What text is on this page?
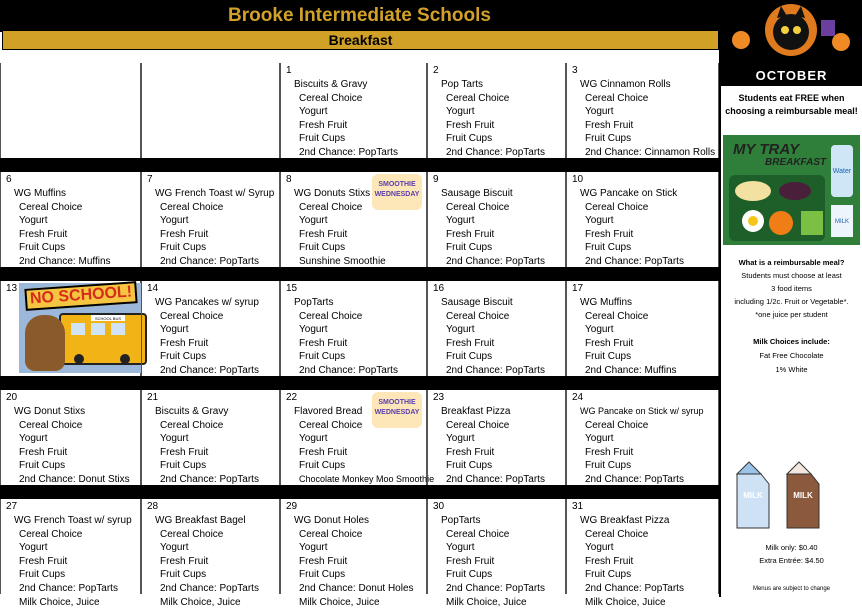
Brooke Intermediate Schools
Breakfast
1
Biscuits & Gravy
Cereal Choice
Yogurt
Fresh Fruit
Fruit Cups
2nd Chance: PopTarts
Milk Choice, Juice
2
Pop Tarts
Cereal Choice
Yogurt
Fresh Fruit
Fruit Cups
2nd Chance: PopTarts
Milk Choice, Juice
3
WG Cinnamon Rolls
Cereal Choice
Yogurt
Fresh Fruit
Fruit Cups
2nd Chance: Cinnamon Rolls
Milk Choice, Juice
6
WG Muffins
Cereal Choice
Yogurt
Fresh Fruit
Fruit Cups
2nd Chance: Muffins
Milk Choice, Juice
7
WG French Toast w/ Syrup
Cereal Choice
Yogurt
Fresh Fruit
Fruit Cups
2nd Chance: PopTarts
Milk Choice, Juice
8
WG Donuts Stixs
Cereal Choice
Yogurt
Fresh Fruit
Fruit Cups
Sunshine Smoothie
Milk Choice, Juice
SMOOTHIE WEDNESDAY
9
Sausage Biscuit
Cereal Choice
Yogurt
Fresh Fruit
Fruit Cups
2nd Chance: PopTarts
Milk Choice, Juice
10
WG Pancake on Stick
Cereal Choice
Yogurt
Fresh Fruit
Fruit Cups
2nd Chance: PopTarts
Milk Choice, Juice
13
SCHOOL BUS
NO SCHOOL!	14
WG Pancakes w/ syrup
Cereal Choice
Yogurt
Fresh Fruit
Fruit Cups
2nd Chance: PopTarts
Milk Choice, Juice
15
PopTarts
Cereal Choice
Yogurt
Fresh Fruit
Fruit Cups
2nd Chance: PopTarts
Milk Choice, Juice
16
Sausage Biscuit
Cereal Choice
Yogurt
Fresh Fruit
Fruit Cups
2nd Chance: PopTarts
Milk Choice, Juice
17
WG Muffins
Cereal Choice
Yogurt
Fresh Fruit
Fruit Cups
2nd Chance: Muffins
Milk Choice, Juice
20
WG Donut Stixs
Cereal Choice
Yogurt
Fresh Fruit
Fruit Cups
2nd Chance: Donut Stixs
Milk Choice, Juice
21
Biscuits & Gravy
Cereal Choice
Yogurt
Fresh Fruit
Fruit Cups
2nd Chance: PopTarts
Milk Choice, Juice
22
Flavored Bread
Cereal Choice
Yogurt
Fresh Fruit
Fruit Cups
Chocolate Monkey Moo Smoothie
Milk Choice, Juice
SMOOTHIE WEDNESDAY
23
Breakfast Pizza
Cereal Choice
Yogurt
Fresh Fruit
Fruit Cups
2nd Chance: PopTarts
Milk Choice, Juice
24
WG Pancake on Stick w/ syrup
Cereal Choice
Yogurt
Fresh Fruit
Fruit Cups
2nd Chance: PopTarts
Milk Choice, Juice
27
WG French Toast w/ syrup
Cereal Choice
Yogurt
Fresh Fruit
Fruit Cups
2nd Chance: PopTarts
Milk Choice, Juice
28
WG Breakfast Bagel
Cereal Choice
Yogurt
Fresh Fruit
Fruit Cups
2nd Chance: PopTarts
Milk Choice, Juice
29
WG Donut Holes
Cereal Choice
Yogurt
Fresh Fruit
Fruit Cups
2nd Chance: Donut Holes
Milk Choice, Juice
30
PopTarts
Cereal Choice
Yogurt
Fresh Fruit
Fruit Cups
2nd Chance: PopTarts
Milk Choice, Juice
31
WG Breakfast Pizza
Cereal Choice
Yogurt
Fresh Fruit
Fruit Cups
2nd Chance: PopTarts
Milk Choice, Juice
OCTOBER
Students eat FREE when choosing a reimbursable meal!
MY TRAY
BREAKFAST
Water
MILK
What is a reimbursable meal?
Students must choose at least
3 food items
including 1/2c. Fruit or Vegetable*.
*one juice per student
Milk Choices include:
Fat Free Chocolate
1% White
MILK	MILK
Milk only: $0.40
Extra Entrée: $4.50
Menus are subject to change
